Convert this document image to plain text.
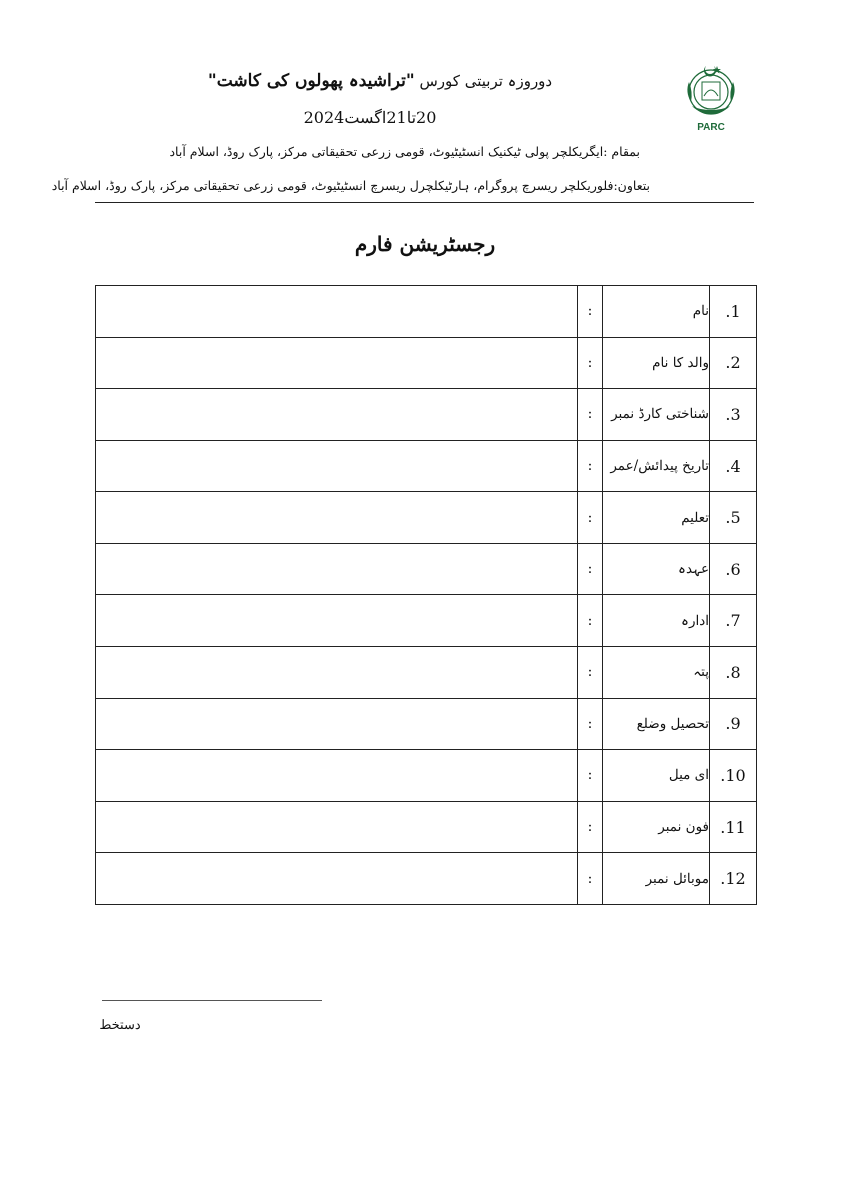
PARC
دوروزہ تربیتی کورس "تراشیدہ پھولوں کی کاشت"
20تا21اگست2024
بمقام :ایگریکلچر پولی ٹیکنیک انسٹیٹیوٹ، قومی زرعی تحقیقاتی مرکز، پارک روڈ، اسلام آباد
بتعاون:
فلوریکلچر ریسرچ پروگرام، ہارٹیکلچرل ریسرچ انسٹیٹیوٹ، قومی زرعی تحقیقاتی مرکز، پارک روڈ، اسلام آباد
رجسٹریشن فارم
	:	نام	.1
	:	والد کا نام	.2
	:	شناختی کارڈ نمبر	.3
	:	تاریخ پیدائش/عمر	.4
	:	تعلیم	.5
	:	عہدہ	.6
	:	ادارہ	.7
	:	پتہ	.8
	:	تحصیل وضلع	.9
	:	ای میل	.10
	:	فون نمبر	.11
	:	موبائل نمبر	.12
دستخط
